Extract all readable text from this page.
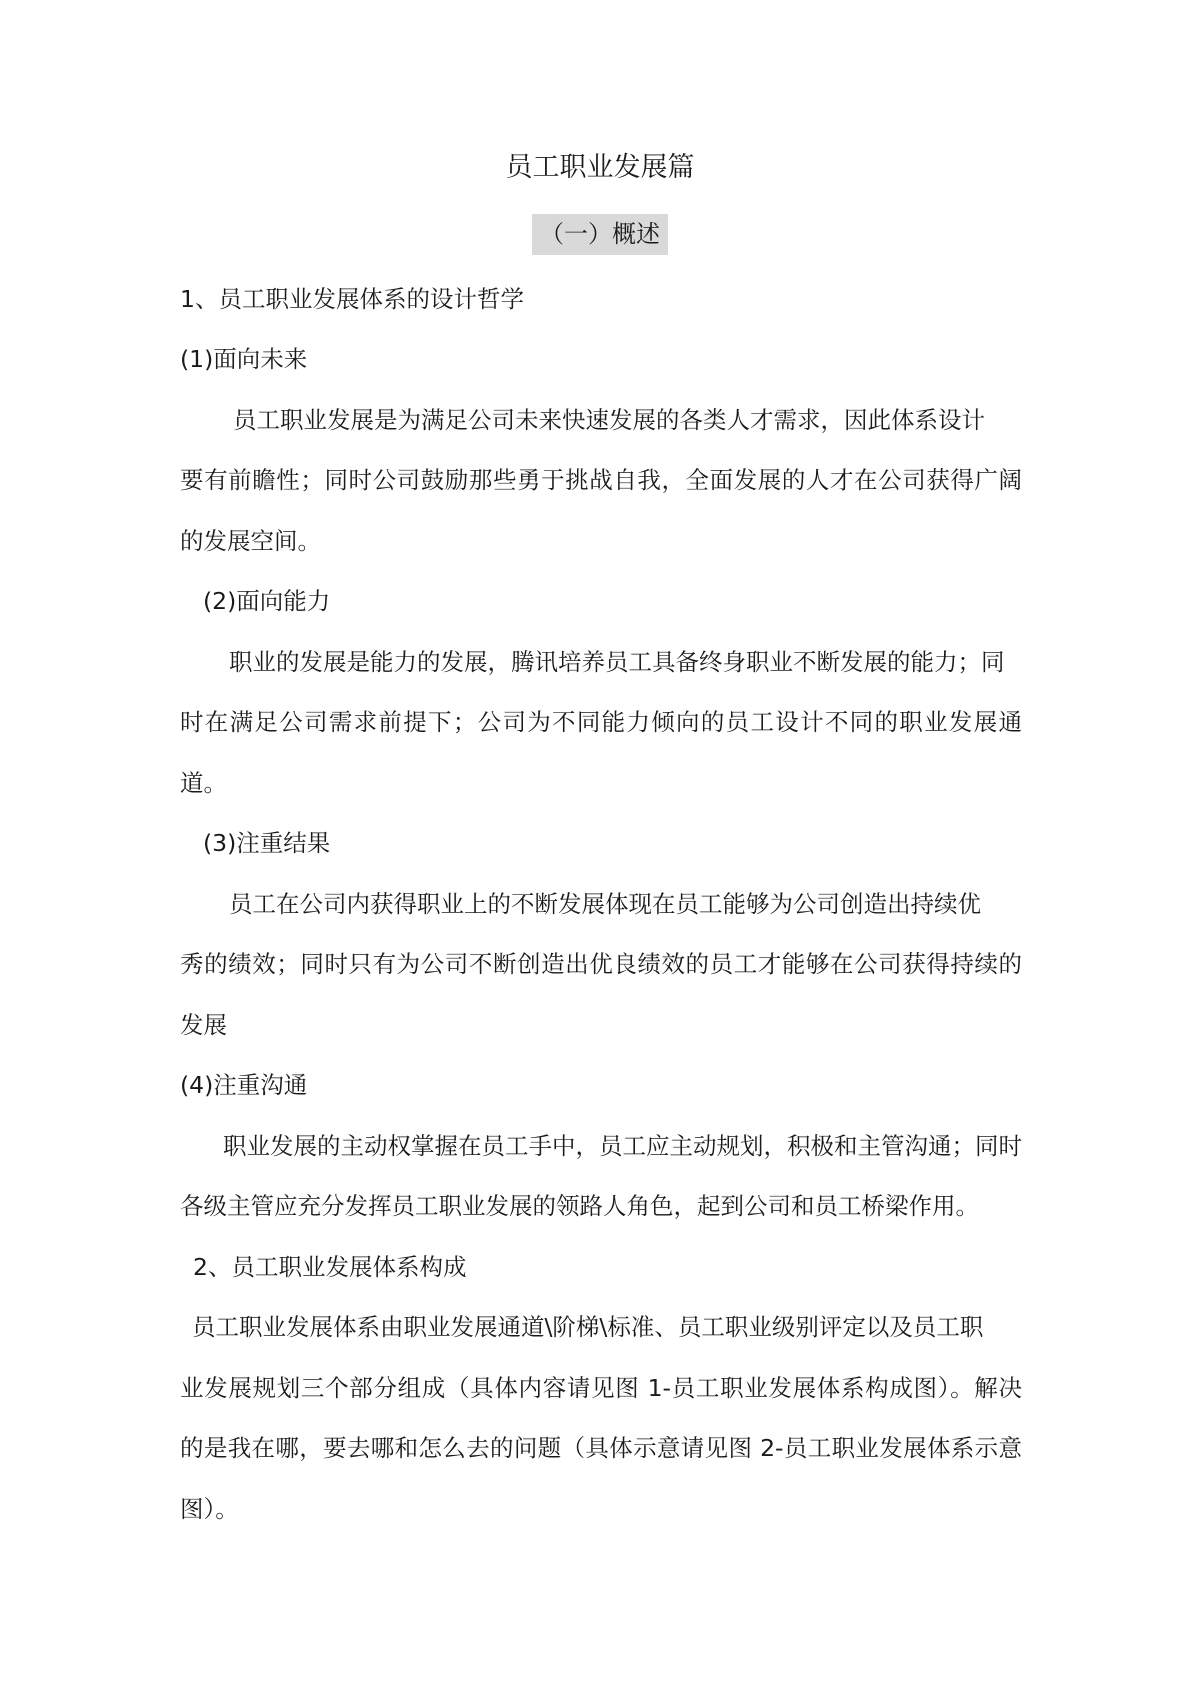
员工职业发展篇
（一）概述
1、员工职业发展体系的设计哲学
(1)面向未来
员工职业发展是为满足公司未来快速发展的各类人才需求，因此体系设计
要有前瞻性；同时公司鼓励那些勇于挑战自我，全面发展的人才在公司获得广阔
的发展空间。
(2)面向能力
职业的发展是能力的发展，腾讯培养员工具备终身职业不断发展的能力；同
时在满足公司需求前提下；公司为不同能力倾向的员工设计不同的职业发展通
道。
(3)注重结果
员工在公司内获得职业上的不断发展体现在员工能够为公司创造出持续优
秀的绩效；同时只有为公司不断创造出优良绩效的员工才能够在公司获得持续的
发展
(4)注重沟通
职业发展的主动权掌握在员工手中，员工应主动规划，积极和主管沟通；同时
各级主管应充分发挥员工职业发展的领路人角色，起到公司和员工桥梁作用。
2、员工职业发展体系构成
员工职业发展体系由职业发展通道\阶梯\标准、员工职业级别评定以及员工职
业发展规划三个部分组成（具体内容请见图 1-员工职业发展体系构成图）。解决
的是我在哪，要去哪和怎么去的问题（具体示意请见图 2-员工职业发展体系示意
图）。
